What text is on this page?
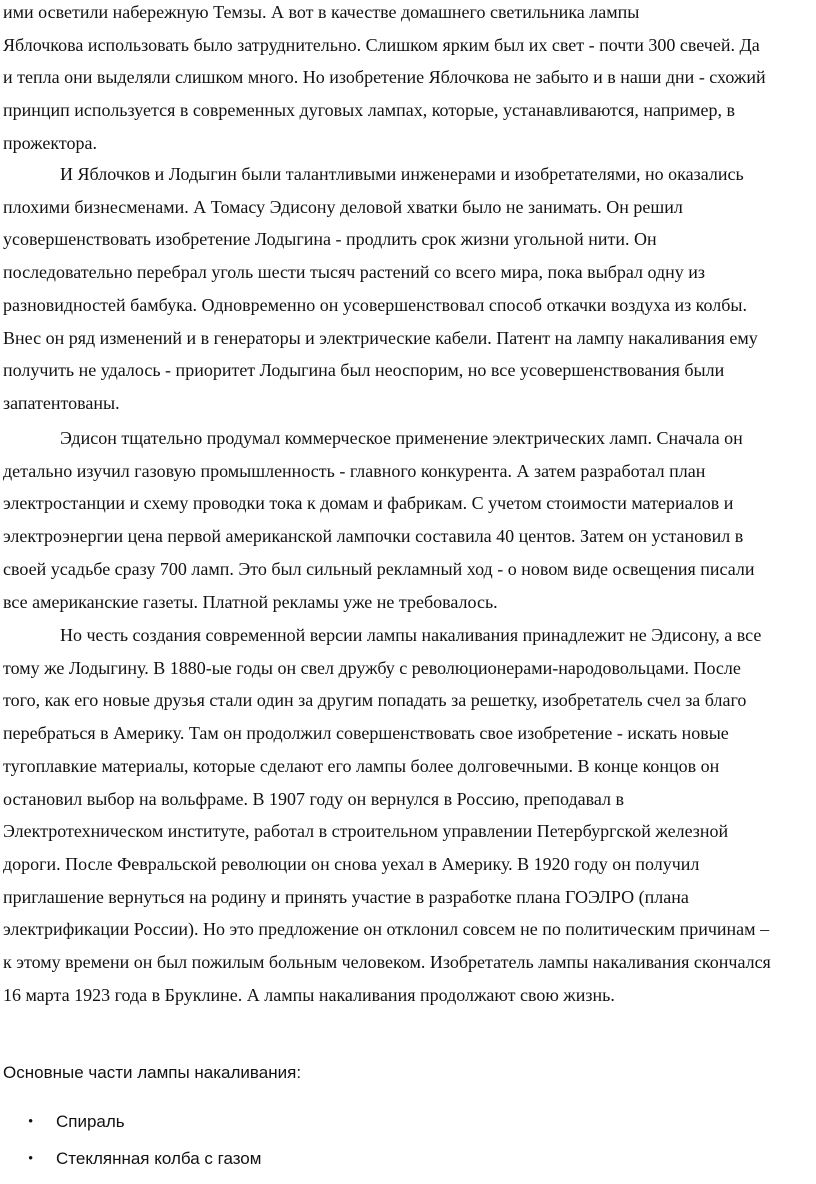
ими осветили набережную Темзы. А вот в качестве домашнего светильника лампы
Яблочкова использовать было затруднительно. Слишком ярким был их свет - почти 300 свечей. Да
и тепла они выделяли слишком много. Но изобретение Яблочкова не забыто и в наши дни - схожий
принцип используется в современных дуговых лампах, которые, устанавливаются, например, в
прожектора.

И Яблочков и Лодыгин были талантливыми инженерами и изобретателями, но оказались
плохими бизнесменами. А Томасу Эдисону деловой хватки было не занимать. Он решил
усовершенствовать изобретение Лодыгина - продлить срок жизни угольной нити. Он
последовательно перебрал уголь шести тысяч растений со всего мира, пока выбрал одну из
разновидностей бамбука. Одновременно он усовершенствовал способ откачки воздуха из колбы.
Внес он ряд изменений и в генераторы и электрические кабели. Патент на лампу накаливания ему
получить не удалось - приоритет Лодыгина был неоспорим, но все усовершенствования были
запатентованы.

Эдисон тщательно продумал коммерческое применение электрических ламп. Сначала он
детально изучил газовую промышленность - главного конкурента. А затем разработал план
электростанции и схему проводки тока к домам и фабрикам. С учетом стоимости материалов и
электроэнергии цена первой американской лампочки составила 40 центов. Затем он установил в
своей усадьбе сразу 700 ламп. Это был сильный рекламный ход - о новом виде освещения писали
все американские газеты. Платной рекламы уже не требовалось.

Но честь создания современной версии лампы накаливания принадлежит не Эдисону, а все
тому же Лодыгину. В 1880-ые годы он свел дружбу с революционерами-народовольцами. После
того, как его новые друзья стали один за другим попадать за решетку, изобретатель счел за благо
перебраться в Америку. Там он продолжил совершенствовать свое изобретение - искать новые
тугоплавкие материалы, которые сделают его лампы более долговечными. В конце концов он
остановил выбор на вольфраме. В 1907 году он вернулся в Россию, преподавал в
Электротехническом институте, работал в строительном управлении Петербургской железной
дороги. После Февральской революции он снова уехал в Америку. В 1920 году он получил
приглашение вернуться на родину и принять участие в разработке плана ГОЭЛРО (плана
электрификации России). Но это предложение он отклонил совсем не по политическим причинам –
к этому времени он был пожилым больным человеком. Изобретатель лампы накаливания скончался
16 марта 1923 года в Бруклине. А лампы накаливания продолжают свою жизнь.

Основные части лампы накаливания:

• Спираль
• Стеклянная колба с газом
